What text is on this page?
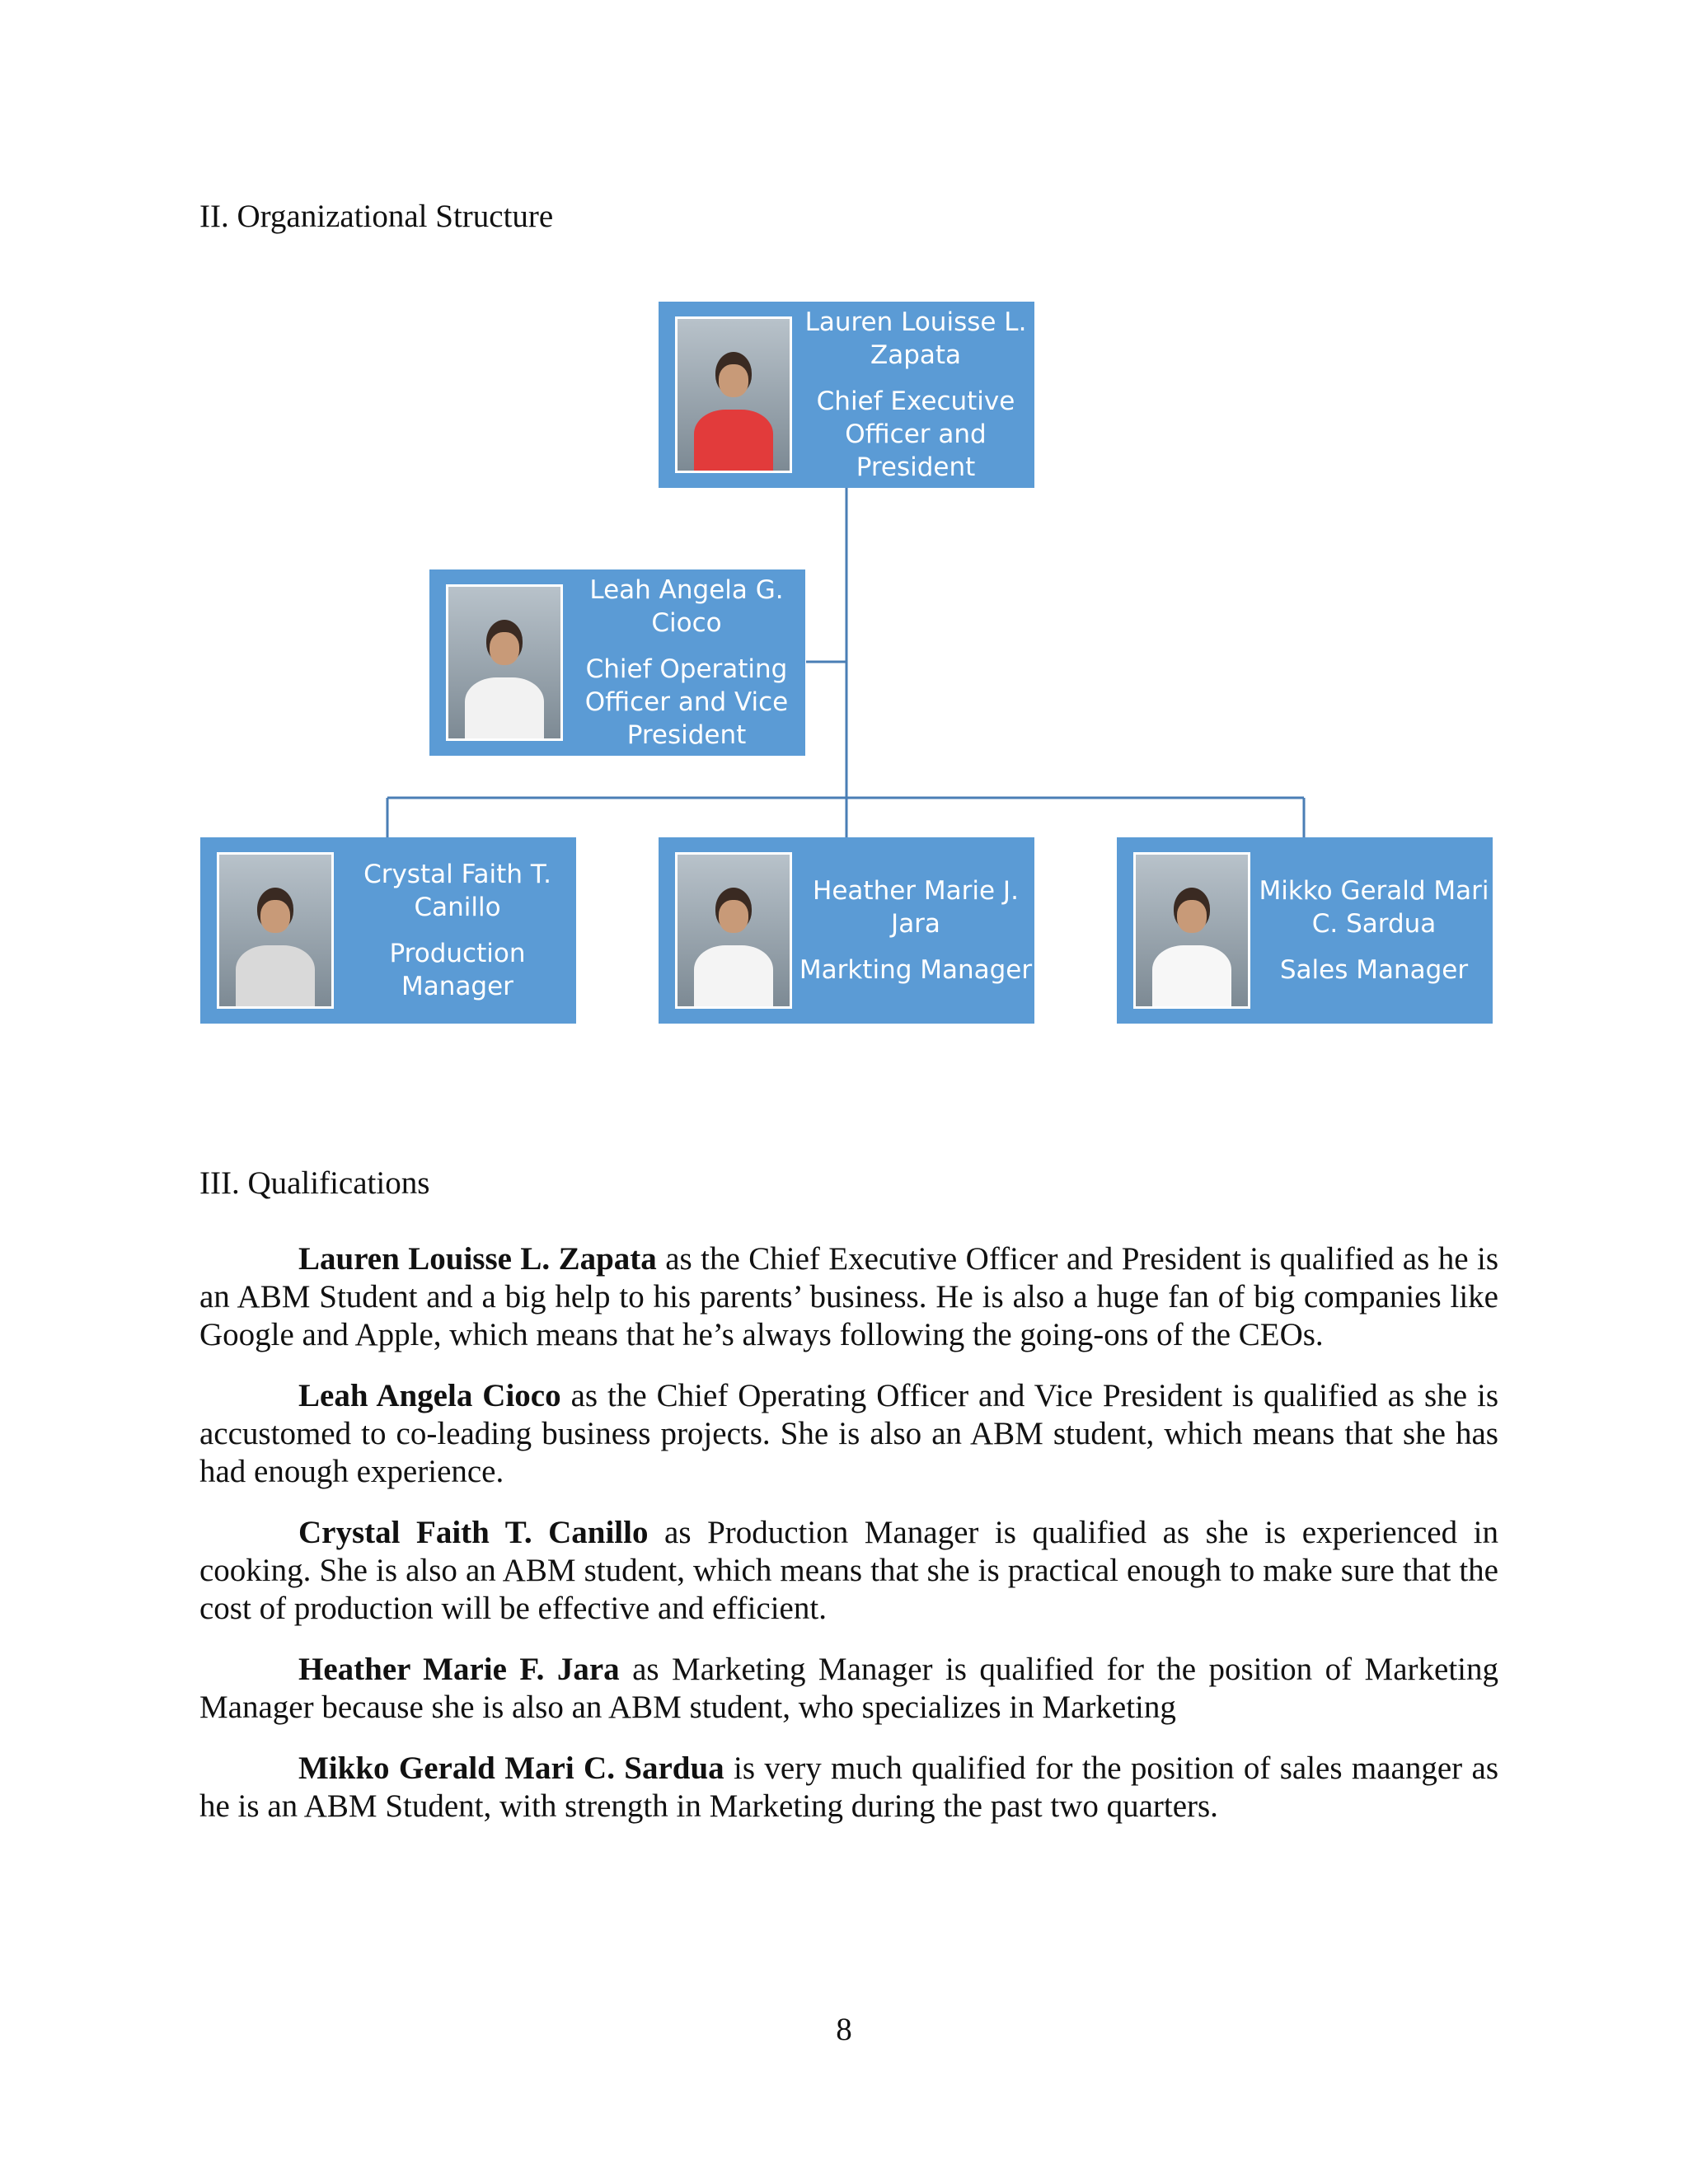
II. Organizational Structure
Lauren Louisse L. Zapata
Chief Executive Officer and President
Leah Angela G. Cioco
Chief Operating Officer and Vice President
Crystal Faith T. Canillo
Production Manager
Heather Marie J. Jara
Markting Manager
Mikko Gerald Mari C. Sardua
Sales Manager
III. Qualifications

Lauren Louisse L. Zapata as the Chief Executive Officer and President is qualified as he is an ABM Student and a big help to his parents’ business. He is also a huge fan of big companies like Google and Apple, which means that he’s always following the going-ons of the CEOs.

Leah Angela Cioco as the Chief Operating Officer and Vice President is qualified as she is accustomed to co-leading business projects. She is also an ABM student, which means that she has had enough experience.

Crystal Faith T. Canillo as Production Manager is qualified as she is experienced in cooking. She is also an ABM student, which means that she is practical enough to make sure that the cost of production will be effective and efficient.

Heather Marie F. Jara as Marketing Manager is qualified for the position of Marketing Manager because she is also an ABM student, who specializes in Marketing

Mikko Gerald Mari C. Sardua is very much qualified for the position of sales maanger as he is an ABM Student, with strength in Marketing during the past two quarters.

8
